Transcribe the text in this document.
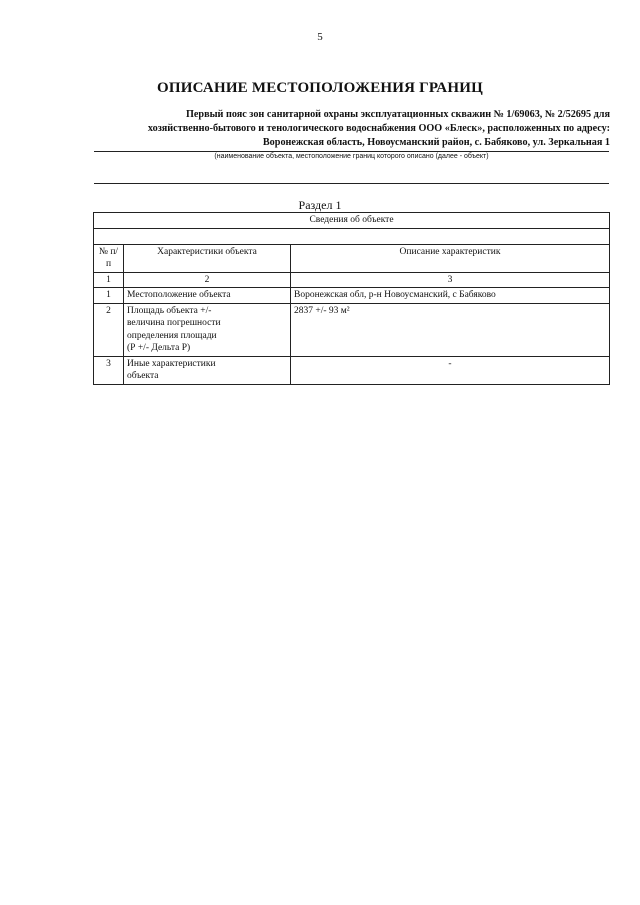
5
ОПИСАНИЕ МЕСТОПОЛОЖЕНИЯ ГРАНИЦ
Первый пояс зон санитарной охраны эксплуатационных скважин № 1/69063, № 2/52695 для
хозяйственно-бытового и тенологического водоснабжения ООО «Блеск», расположенных по адресу:
Воронежская область, Новоусманский район, с. Бабяково, ул. Зеркальная 1
(наименование объекта, местоположение границ которого описано (далее - объект)
Раздел 1
Сведения об объекте		

№ п/п	Характеристики объекта	Описание характеристик
1	2	3
1	Местоположение объекта	Воронежская обл, р-н Новоусманский, с Бабяково
2	Площадь объекта +/-
величина погрешности
определения площади
(Р +/- Дельта Р)	2837 +/- 93 м²
3	Иные характеристики
объекта	-
